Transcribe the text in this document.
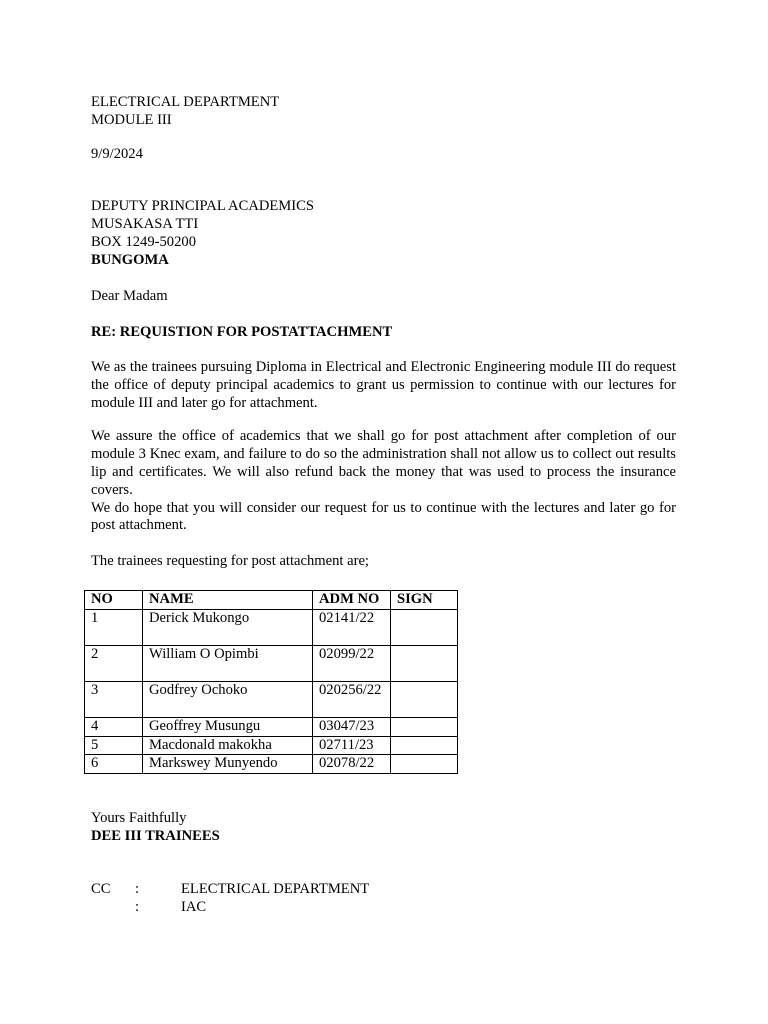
ELECTRICAL DEPARTMENT
MODULE III
9/9/2024
DEPUTY PRINCIPAL ACADEMICS
MUSAKASA TTI
BOX 1249-50200
BUNGOMA
Dear Madam
RE: REQUISTION FOR POSTATTACHMENT
We as the trainees pursuing Diploma in Electrical and Electronic Engineering module III do request the office of deputy principal academics to grant us permission to continue with our lectures for module III and later go for attachment.
We assure the office of academics that we shall go for post attachment after completion of our module 3 Knec exam, and failure to do so the administration shall not allow us to collect out results lip and certificates. We will also refund back the money that was used to process the insurance covers.
We do hope that you will consider our request for us to continue with the lectures and later go for post attachment.
The trainees requesting for post attachment are;
NO	NAME	ADM NO	SIGN
1	Derick Mukongo	02141/22	
2	William O Opimbi	02099/22	
3	Godfrey Ochoko	020256/22	
4	Geoffrey Musungu	03047/23	
5	Macdonald makokha	02711/23	
6	Markswey Munyendo	02078/22	
Yours Faithfully
DEE III TRAINEES
CC	:	ELECTRICAL DEPARTMENT
:	IAC
